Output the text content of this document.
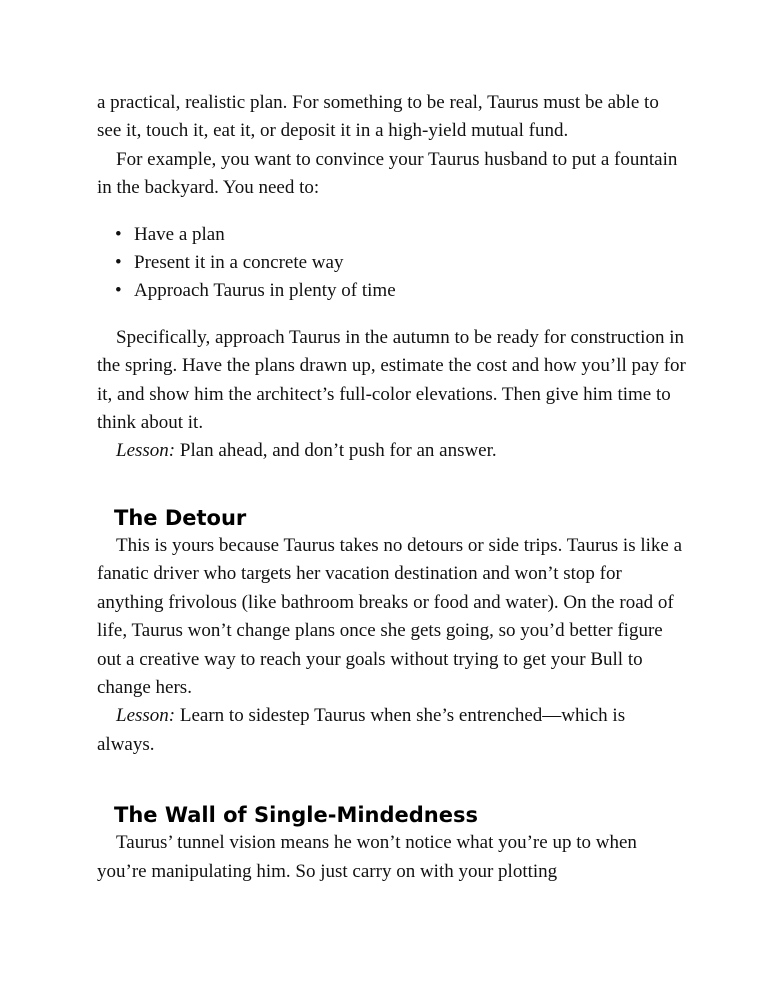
a practical, realistic plan. For something to be real, Taurus must be able to see it, touch it, eat it, or deposit it in a high-yield mutual fund.

For example, you want to convince your Taurus husband to put a fountain in the backyard. You need to:

• Have a plan
• Present it in a concrete way
• Approach Taurus in plenty of time

Specifically, approach Taurus in the autumn to be ready for construction in the spring. Have the plans drawn up, estimate the cost and how you’ll pay for it, and show him the architect’s full-color elevations. Then give him time to think about it.

Lesson: Plan ahead, and don’t push for an answer.

The Detour

This is yours because Taurus takes no detours or side trips. Taurus is like a fanatic driver who targets her vacation destination and won’t stop for anything frivolous (like bathroom breaks or food and water). On the road of life, Taurus won’t change plans once she gets going, so you’d better figure out a creative way to reach your goals without trying to get your Bull to change hers.

Lesson: Learn to sidestep Taurus when she’s entrenched—which is always.

The Wall of Single-Mindedness

Taurus’ tunnel vision means he won’t notice what you’re up to when you’re manipulating him. So just carry on with your plotting
